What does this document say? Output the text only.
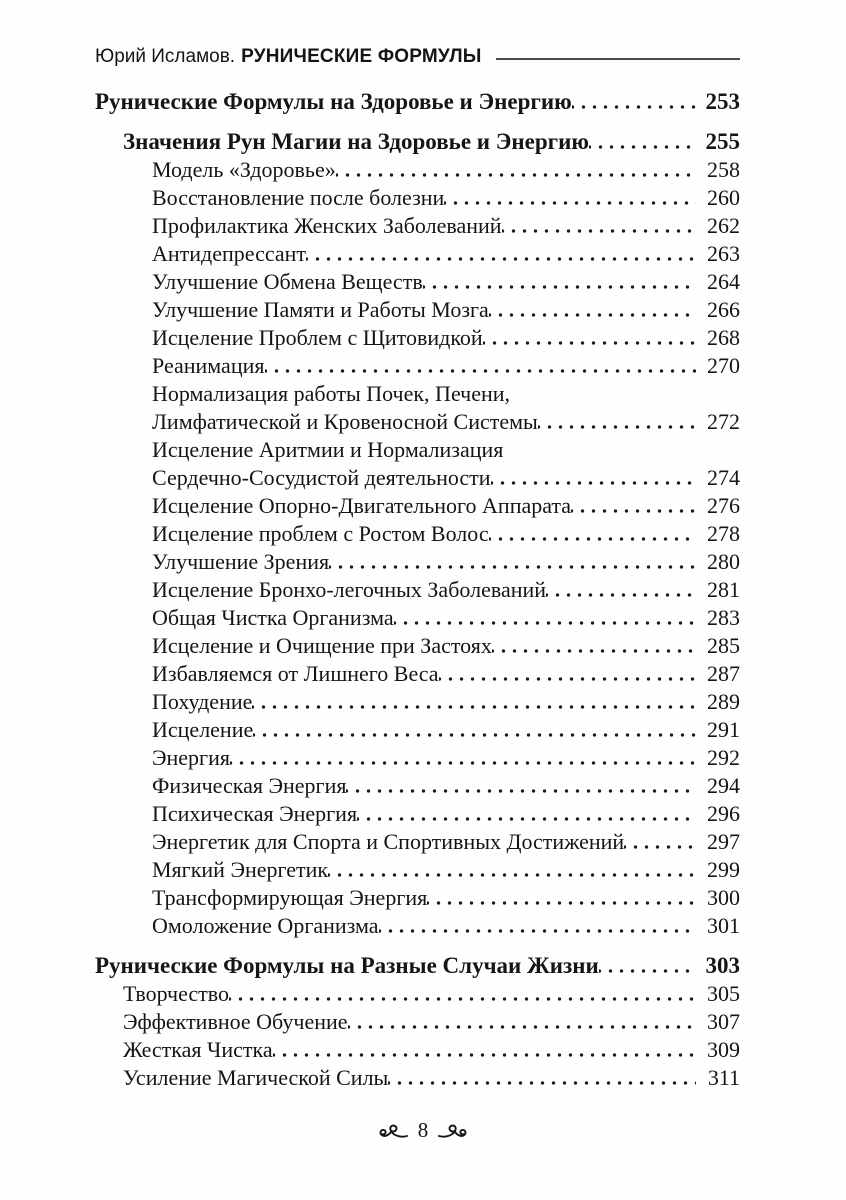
Юрий Исламов. РУНИЧЕСКИЕ ФОРМУЛЫ
Рунические Формулы на Здоровье и Энергию	253
Значения Рун Магии на Здоровье и Энергию	255
Модель «Здоровье»	258
Восстановление после болезни	260
Профилактика Женских Заболеваний	262
Антидепрессант	263
Улучшение Обмена Веществ	264
Улучшение Памяти и Работы Мозга	266
Исцеление Проблем с Щитовидкой	268
Реанимация	270
Нормализация работы Почек, Печени,
Лимфатической и Кровеносной Системы	272
Исцеление Аритмии и Нормализация
Сердечно-Сосудистой деятельности	274
Исцеление Опорно-Двигательного Аппарата	276
Исцеление проблем с Ростом Волос	278
Улучшение Зрения	280
Исцеление Бронхо-легочных Заболеваний	281
Общая Чистка Организма	283
Исцеление и Очищение при Застоях	285
Избавляемся от Лишнего Веса	287
Похудение	289
Исцеление	291
Энергия	292
Физическая Энергия	294
Психическая Энергия	296
Энергетик для Спорта и Спортивных Достижений	297
Мягкий Энергетик	299
Трансформирующая Энергия	300
Омоложение Организма	301
Рунические Формулы на Разные Случаи Жизни	303
Творчество	305
Эффективное Обучение	307
Жесткая Чистка	309
Усиление Магической Силы	311
8
